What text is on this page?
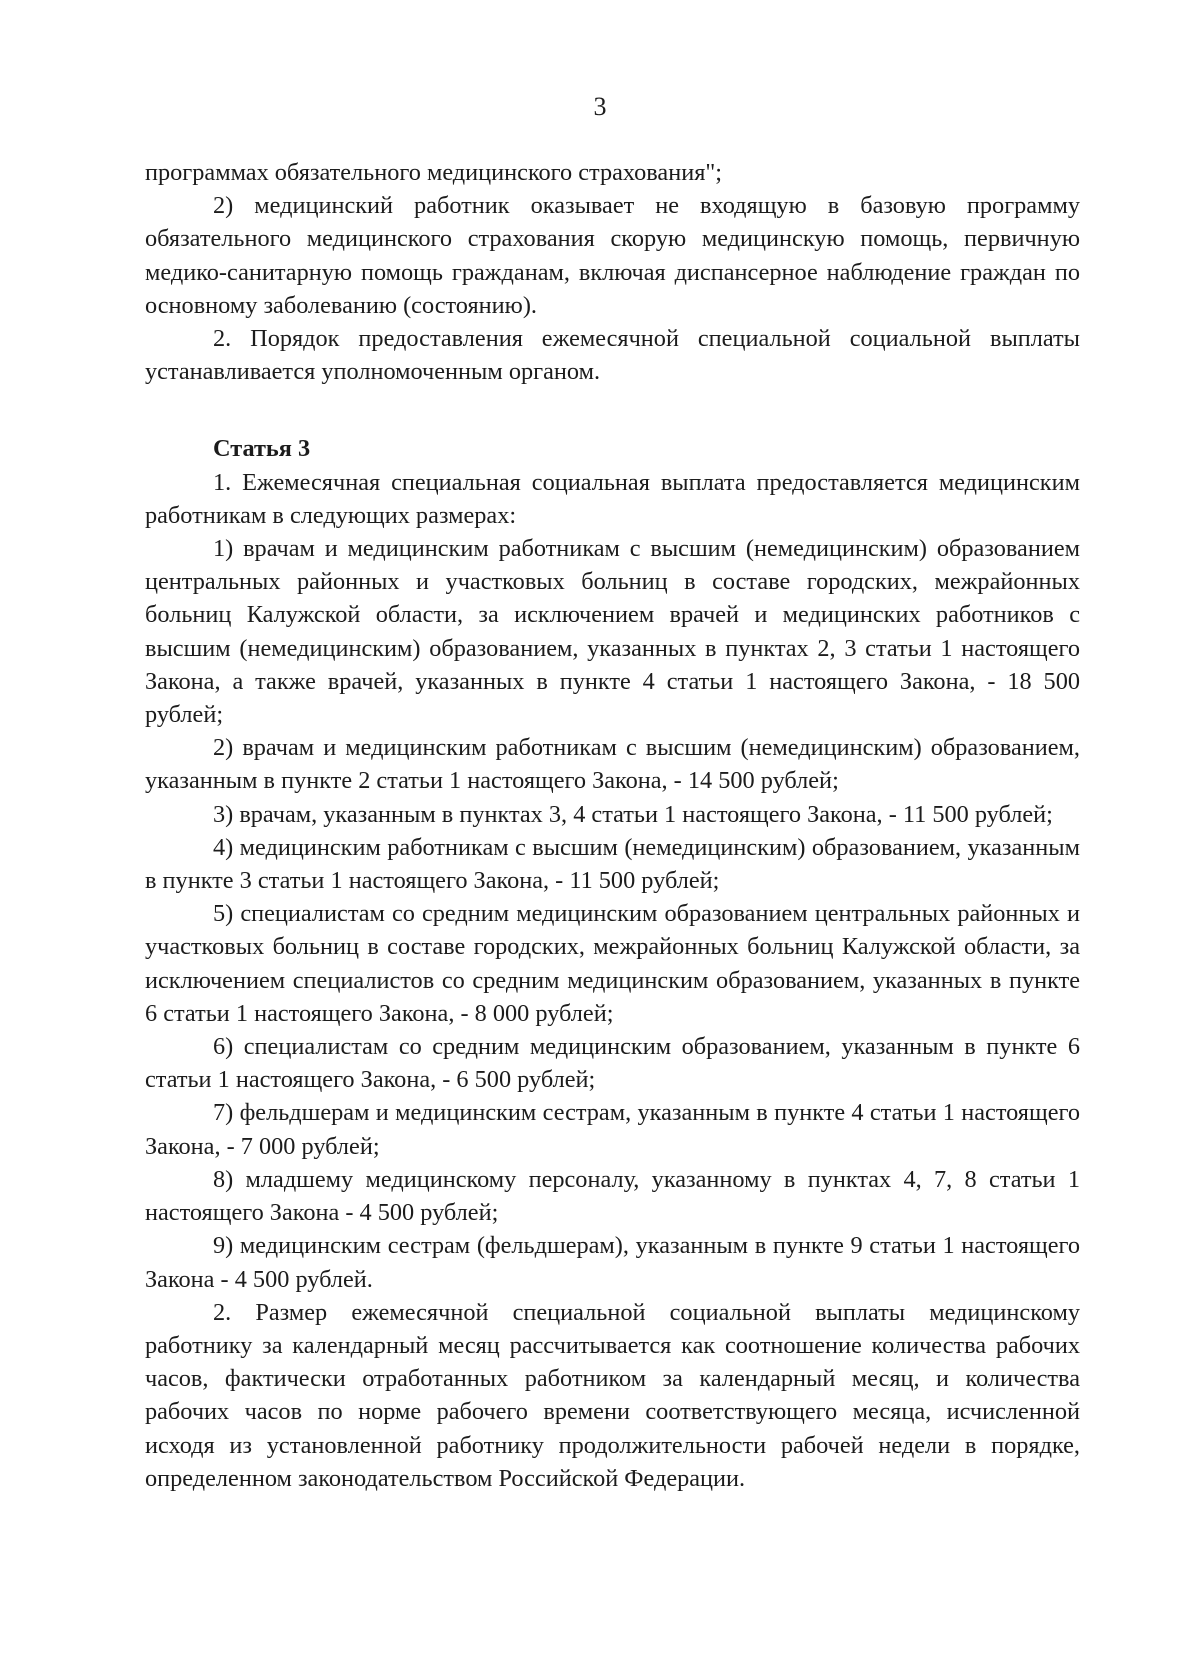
3

программах обязательного медицинского страхования";

2) медицинский работник оказывает не входящую в базовую программу обязательного медицинского страхования скорую медицинскую помощь, первичную медико-санитарную помощь гражданам, включая диспансерное наблюдение граждан по основному заболеванию (состоянию).

2. Порядок предоставления ежемесячной специальной социальной выплаты устанавливается уполномоченным органом.

Статья 3

1. Ежемесячная специальная социальная выплата предоставляется медицинским работникам в следующих размерах:

1) врачам и медицинским работникам с высшим (немедицинским) образованием центральных районных и участковых больниц в составе городских, межрайонных больниц Калужской области, за исключением врачей и медицинских работников с высшим (немедицинским) образованием, указанных в пунктах 2, 3 статьи 1 настоящего Закона, а также врачей, указанных в пункте 4 статьи 1 настоящего Закона, - 18 500 рублей;

2) врачам и медицинским работникам с высшим (немедицинским) образованием, указанным в пункте 2 статьи 1 настоящего Закона, - 14 500 рублей;

3) врачам, указанным в пунктах 3, 4 статьи 1 настоящего Закона, - 11 500 рублей;

4) медицинским работникам с высшим (немедицинским) образованием, указанным в пункте 3 статьи 1 настоящего Закона, - 11 500 рублей;

5) специалистам со средним медицинским образованием центральных районных и участковых больниц в составе городских, межрайонных больниц Калужской области, за исключением специалистов со средним медицинским образованием, указанных в пункте 6 статьи 1 настоящего Закона, - 8 000 рублей;

6) специалистам со средним медицинским образованием, указанным в пункте 6 статьи 1 настоящего Закона, - 6 500 рублей;

7) фельдшерам и медицинским сестрам, указанным в пункте 4 статьи 1 настоящего Закона, - 7 000 рублей;

8) младшему медицинскому персоналу, указанному в пунктах 4, 7, 8 статьи 1 настоящего Закона - 4 500 рублей;

9) медицинским сестрам (фельдшерам), указанным в пункте 9 статьи 1 настоящего Закона - 4 500 рублей.

2. Размер ежемесячной специальной социальной выплаты медицинскому работнику за календарный месяц рассчитывается как соотношение количества рабочих часов, фактически отработанных работником за календарный месяц, и количества рабочих часов по норме рабочего времени соответствующего месяца, исчисленной исходя из установленной работнику продолжительности рабочей недели в порядке, определенном законодательством Российской Федерации.
